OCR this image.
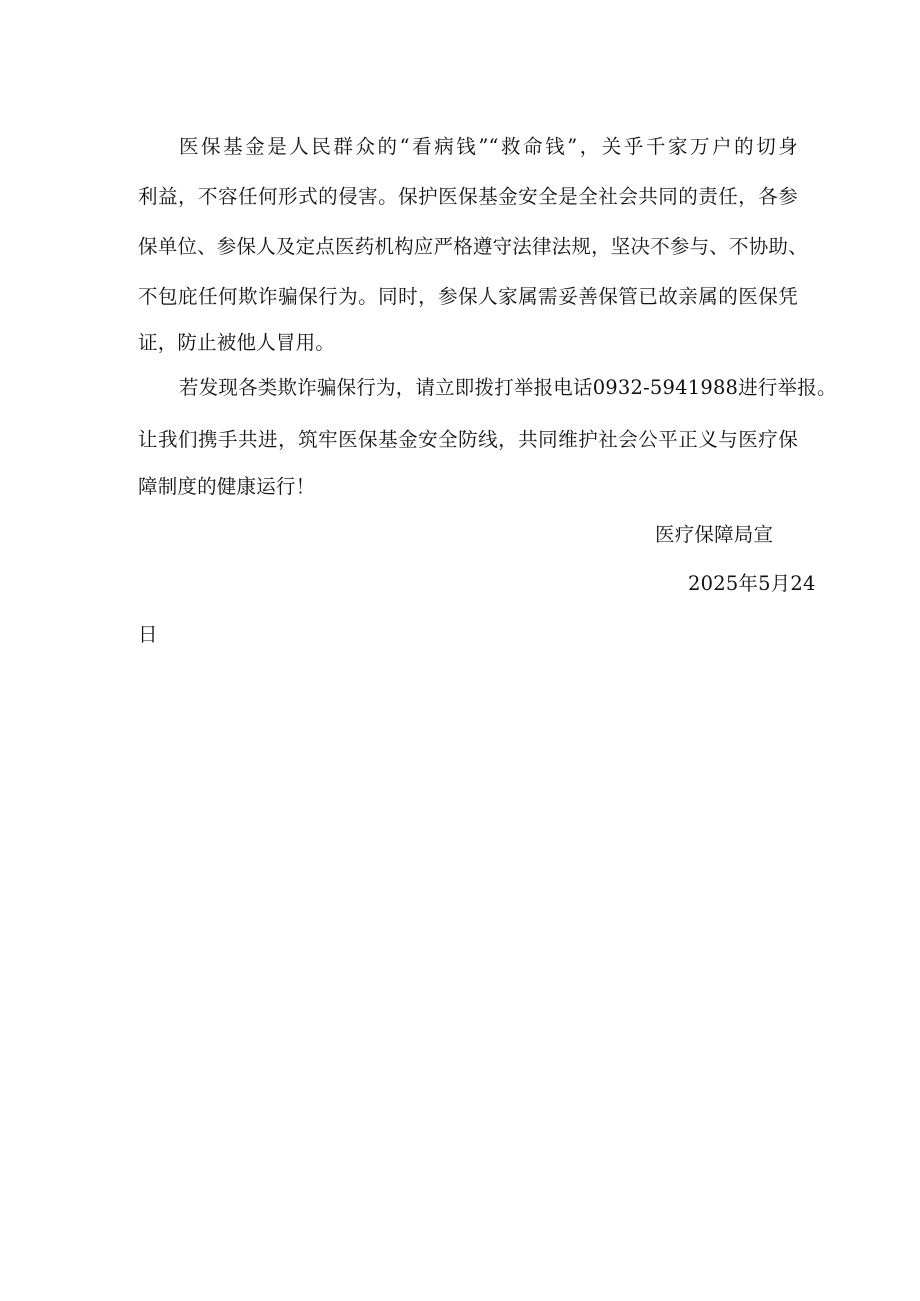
医保基金是人民群众的“看病钱”“救命钱”，关乎千家万户的切身
利益，不容任何形式的侵害。保护医保基金安全是全社会共同的责任，各参
保单位、参保人及定点医药机构应严格遵守法律法规，坚决不参与、不协助、
不包庇任何欺诈骗保行为。同时，参保人家属需妥善保管已故亲属的医保凭
证，防止被他人冒用。
若发现各类欺诈骗保行为，请立即拨打举报电话0932-5941988进行举报。
让我们携手共进，筑牢医保基金安全防线，共同维护社会公平正义与医疗保
障制度的健康运行！
医疗保障局宣
2025年5月24
日
